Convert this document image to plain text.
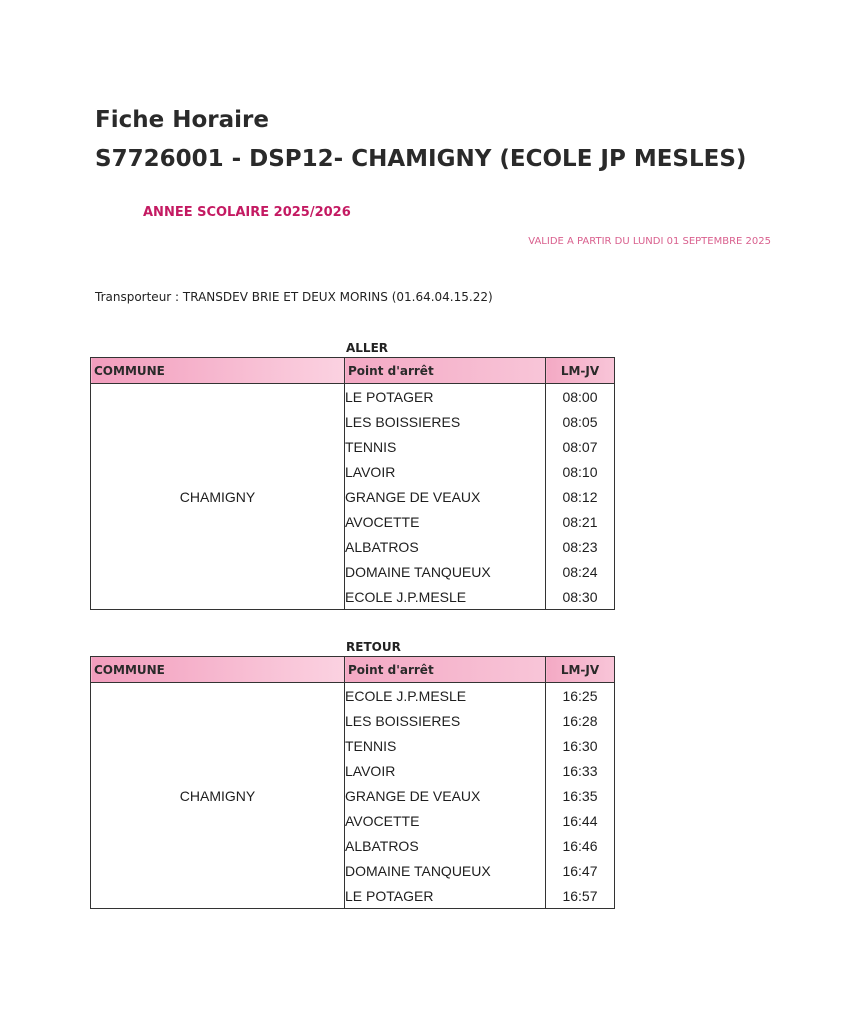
Fiche Horaire
S7726001 - DSP12- CHAMIGNY (ECOLE JP MESLES)
ANNEE SCOLAIRE 2025/2026
VALIDE A PARTIR DU LUNDI 01 SEPTEMBRE 2025
Transporteur : TRANSDEV BRIE ET DEUX MORINS (01.64.04.15.22)
ALLER
COMMUNE	Point d'arrêt	LM-JV
CHAMIGNY	LE POTAGER	08:00
	LES BOISSIERES	08:05
	TENNIS	08:07
	LAVOIR	08:10
	GRANGE DE VEAUX	08:12
	AVOCETTE	08:21
	ALBATROS	08:23
	DOMAINE TANQUEUX	08:24
	ECOLE J.P.MESLE	08:30
RETOUR
COMMUNE	Point d'arrêt	LM-JV
CHAMIGNY	ECOLE J.P.MESLE	16:25
	LES BOISSIERES	16:28
	TENNIS	16:30
	LAVOIR	16:33
	GRANGE DE VEAUX	16:35
	AVOCETTE	16:44
	ALBATROS	16:46
	DOMAINE TANQUEUX	16:47
	LE POTAGER	16:57
